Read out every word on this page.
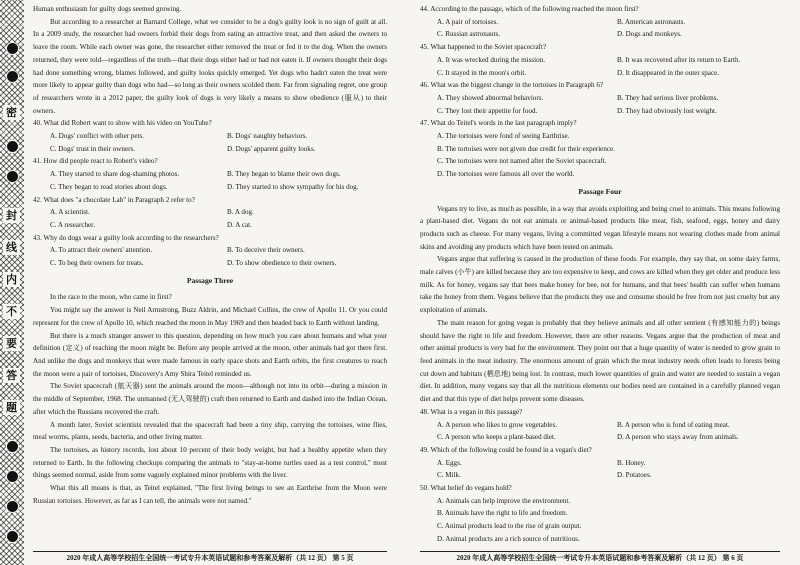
密
封
线
内
不
要
答
题

Human enthusiasm for guilty dogs seemed growing.

But according to a researcher at Barnard College, what we consider to be a dog's guilty look is no sign of guilt at all. In a 2009 study, the researcher had owners forbid their dogs from eating an attractive treat, and then asked the owners to leave the room. While each owner was gone, the researcher either removed the treat or fed it to the dog. When the owners returned, they were told—regardless of the truth—that their dogs either had or had not eaten it. If owners thought their dogs had done something wrong, blames followed, and guilty looks quickly emerged. Yet dogs who hadn't eaten the treat were more likely to appear guilty than dogs who had—so long as their owners scolded them. Far from signaling regret, one group of researchers wrote in a 2012 paper, the guilty look of dogs is very likely a means to show obedience (服从) to their owners.

40. What did Robert want to show with his video on YouTube?

A. Dogs' conflict with other pets.	B. Dogs' naughty behaviors.
C. Dogs' trust in their owners.	D. Dogs' apparent guilty looks.

41. How did people react to Robert's video?

A. They started to share dog-shaming photos.	B. They began to blame their own dogs.
C. They began to read stories about dogs.	D. They started to show sympathy for his dog.

42. What does "a chocolate Lab" in Paragraph 2 refer to?

A. A scientist.	B. A dog.
C. A researcher.	D. A cat.

43. Why do dogs wear a guilty look according to the researchers?

A. To attract their owners' attention.	B. To deceive their owners.
C. To beg their owners for treats.	D. To show obedience to their owners.
Passage Three

In the race to the moon, who came in first?

You might say the answer is Neil Armstrong, Buzz Aldrin, and Michael Collins, the crew of Apollo 11. Or you could represent for the crew of Apollo 10, which reached the moon in May 1969 and then headed back to Earth without landing.

But there is a much stranger answer to this question, depending on how much you care about humans and what your definition (定义) of reaching the moon might be. Before any people arrived at the moon, other animals had got there first. And unlike the dogs and monkeys that were made famous in early space shots and Earth orbits, the first creatures to reach the moon were a pair of tortoises, Discovery's Amy Shira Teitel reminded us.

The Soviet spacecraft (航天器) sent the animals around the moon—although not into its orbit—during a mission in the middle of September, 1968. The unmanned (无人驾驶的) craft then returned to Earth and dashed into the Indian Ocean, after which the Russians recovered the craft.

A month later, Soviet scientists revealed that the spacecraft had been a tiny ship, carrying the tortoises, wine flies, meal worms, plants, seeds, bacteria, and other living matter.

The tortoises, as history records, lost about 10 percent of their body weight, but had a healthy appetite when they returned to Earth. In the following checkups comparing the animals to "stay-at-home turtles used as a test control," most things seemed normal, aside from some vaguely explained minor problems with the liver.

What this all means is that, as Teitel explained, "The first living beings to see an Earthrise from the Moon were Russian tortoises. However, as far as I can tell, the animals were not named."

2020 年成人高等学校招生全国统一考试专升本英语试题和参考答案及解析（共 12 页） 第 5 页

44. According to the passage, which of the following reached the moon first?

A. A pair of tortoises.	B. American astronauts.
C. Russian astronauts.	D. Dogs and monkeys.

45. What happened to the Soviet spacecraft?

A. It was wrecked during the mission.	B. It was recovered after its return to Earth.
C. It stayed in the moon's orbit.	D. It disappeared in the outer space.

46. What was the biggest change in the tortoises in Paragraph 6?

A. They showed abnormal behaviors.	B. They had serious liver problems.
C. They lost their appetite for food.	D. They had obviously lost weight.

47. What do Teitel's words in the last paragraph imply?

A. The tortoises were fond of seeing Earthrise.
B. The tortoises were not given due credit for their experience.
C. The tortoises were not named after the Soviet spacecraft.
D. The tortoises were famous all over the world.
Passage Four

Vegans try to live, as much as possible, in a way that avoids exploiting and being cruel to animals. This means following a plant-based diet. Vegans do not eat animals or animal-based products like meat, fish, seafood, eggs, honey and dairy products such as cheese. For many vegans, living a committed vegan lifestyle means not wearing clothes made from animal skins and avoiding any products which have been tested on animals.

Vegans argue that suffering is caused in the production of these foods. For example, they say that, on some dairy farms, male calves (小牛) are killed because they are too expensive to keep, and cows are killed when they get older and produce less milk. As for honey, vegans say that bees make honey for bee, not for humans, and that bees' health can suffer when humans take the honey from them. Vegans believe that the products they use and consume should be free from not just cruelty but any exploitation of animals.

The main reason for going vegan is probably that they believe animals and all other sentient (有感知能力的) beings should have the right to life and freedom. However, there are other reasons. Vegans argue that the production of meat and other animal products is very bad for the environment. They point out that a huge quantity of water is needed to grow grain to feed animals in the meat industry. The enormous amount of grain which the meat industry needs often leads to forests being cut down and habitats (栖息地) being lost. In contrast, much lower quantities of grain and water are needed to sustain a vegan diet. In addition, many vegans say that all the nutritious elements our bodies need are contained in a carefully planned vegan diet and that this type of diet helps prevent some diseases.

48. What is a vegan in this passage?

A. A person who likes to grow vegetables.	B. A person who is fond of eating meat.
C. A person who keeps a plant-based diet.	D. A person who stays away from animals.

49. Which of the following could be found in a vegan's diet?

A. Eggs.	B. Honey.
C. Milk.	D. Potatoes.

50. What belief do vegans hold?

A. Animals can help improve the environment.
B. Animals have the right to life and freedom.
C. Animal products lead to the rise of grain output.
D. Animal products are a rich source of nutritious.
2020 年成人高等学校招生全国统一考试专升本英语试题和参考答案及解析（共 12 页） 第 6 页
